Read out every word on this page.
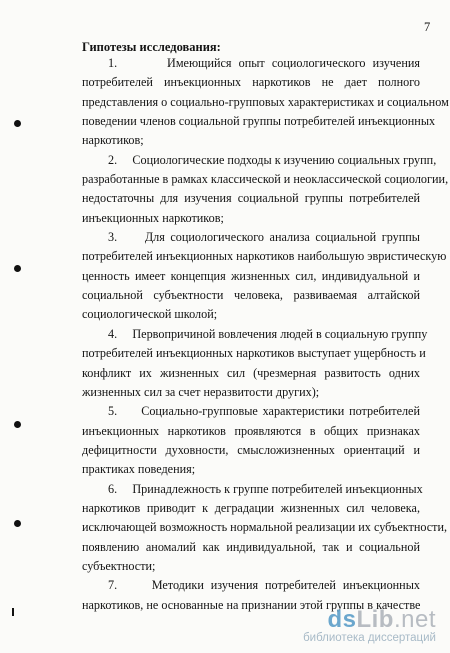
7
Гипотезы исследования:
1.       Имеющийся опыт социологического изучения
потребителей инъекционных наркотиков не дает полного
представления о социально-групповых характеристиках и социальном
поведении членов социальной группы потребителей инъекционных
наркотиков;
2.     Социологические подходы к изучению социальных групп,
разработанные в рамках классической и неоклассической социологии,
недостаточны для изучения социальной группы потребителей
инъекционных наркотиков;
3.     Для социологического анализа социальной группы
потребителей инъекционных наркотиков наибольшую эвристическую
ценность имеет концепция жизненных сил, индивидуальной и
социальной субъектности человека, развиваемая алтайской
социологической школой;
4.     Первопричиной вовлечения людей в социальную группу
потребителей инъекционных наркотиков выступает ущербность и
конфликт их жизненных сил (чрезмерная развитость одних
жизненных сил за счет неразвитости других);
5.     Социально-групповые характеристики потребителей
инъекционных наркотиков проявляются в общих признаках
дефицитности духовности, смысложизненных ориентаций и
практиках поведения;
6.     Принадлежность к группе потребителей инъекционных
наркотиков приводит к деградации жизненных сил человека,
исключающей возможность нормальной реализации их субъектности,
появлению аномалий как индивидуальной, так и социальной
субъектности;
7.     Методики изучения потребителей инъекционных
наркотиков, не основанные на признании этой группы в качестве
dsLib.net
библиотека диссертаций
